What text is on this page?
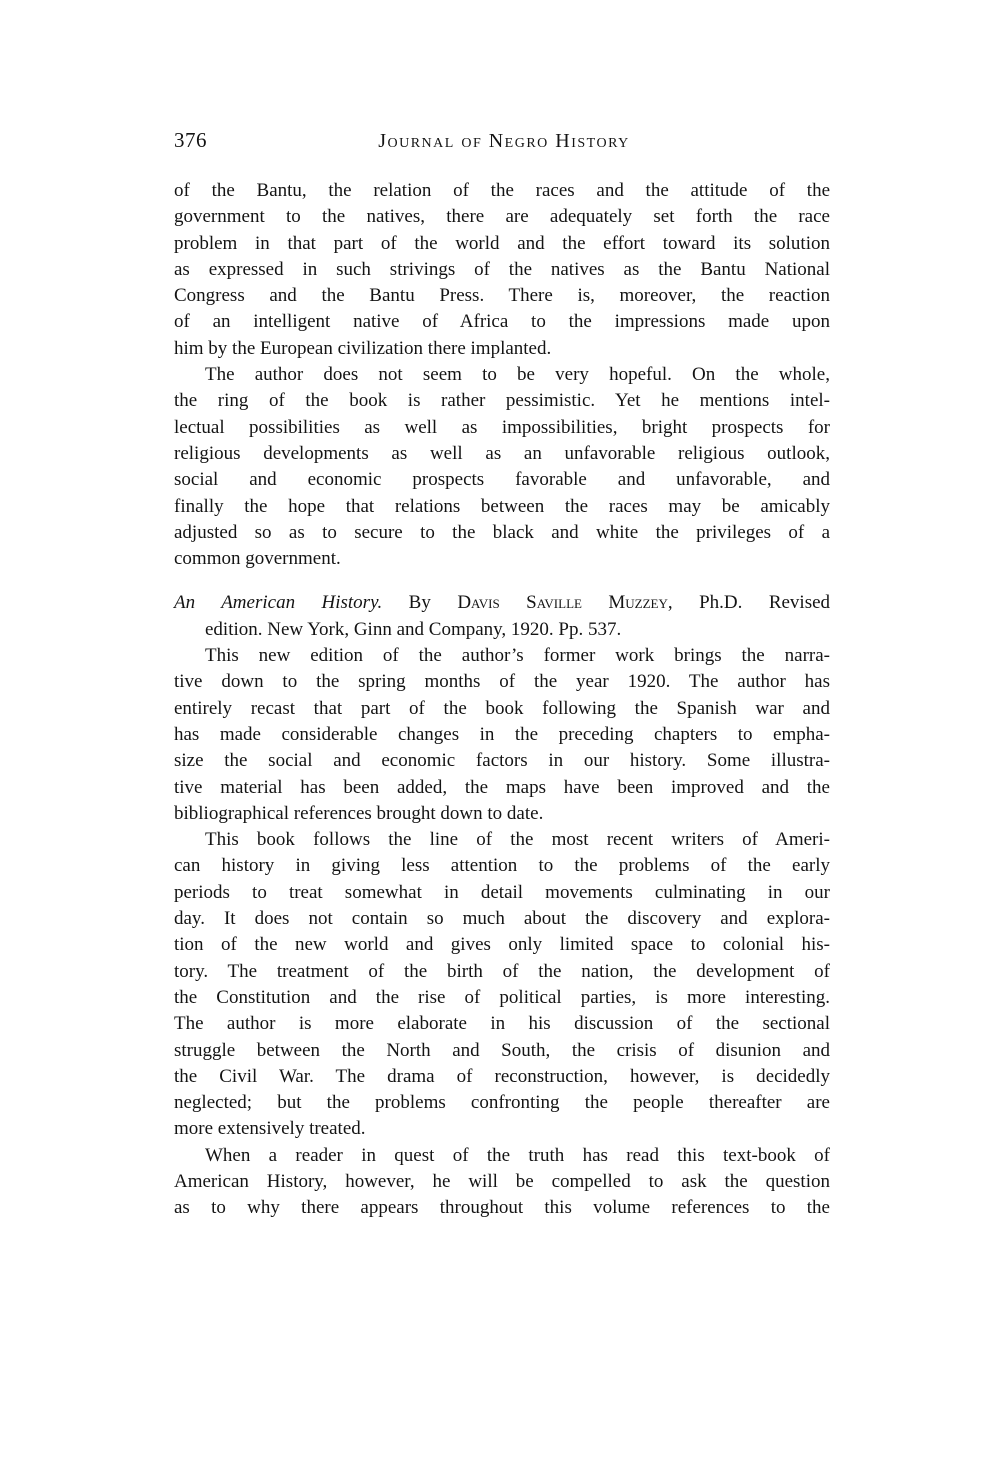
376	Journal of Negro History
of the Bantu, the relation of the races and the attitude of the
government to the natives, there are adequately set forth the race
problem in that part of the world and the effort toward its solution
as expressed in such strivings of the natives as the Bantu National
Congress and the Bantu Press. There is, moreover, the reaction
of an intelligent native of Africa to the impressions made upon
him by the European civilization there implanted.
The author does not seem to be very hopeful. On the whole,
the ring of the book is rather pessimistic. Yet he mentions intel-
lectual possibilities as well as impossibilities, bright prospects for
religious developments as well as an unfavorable religious outlook,
social and economic prospects favorable and unfavorable, and
finally the hope that relations between the races may be amicably
adjusted so as to secure to the black and white the privileges of a
common government.
An American History. By Davis Saville Muzzey, Ph.D. Revised
edition. New York, Ginn and Company, 1920. Pp. 537.
This new edition of the author’s former work brings the narra-
tive down to the spring months of the year 1920. The author has
entirely recast that part of the book following the Spanish war and
has made considerable changes in the preceding chapters to empha-
size the social and economic factors in our history. Some illustra-
tive material has been added, the maps have been improved and the
bibliographical references brought down to date.
This book follows the line of the most recent writers of Ameri-
can history in giving less attention to the problems of the early
periods to treat somewhat in detail movements culminating in our
day. It does not contain so much about the discovery and explora-
tion of the new world and gives only limited space to colonial his-
tory. The treatment of the birth of the nation, the development of
the Constitution and the rise of political parties, is more interesting.
The author is more elaborate in his discussion of the sectional
struggle between the North and South, the crisis of disunion and
the Civil War. The drama of reconstruction, however, is decidedly
neglected; but the problems confronting the people thereafter are
more extensively treated.
When a reader in quest of the truth has read this text-book of
American History, however, he will be compelled to ask the question
as to why there appears throughout this volume references to the
